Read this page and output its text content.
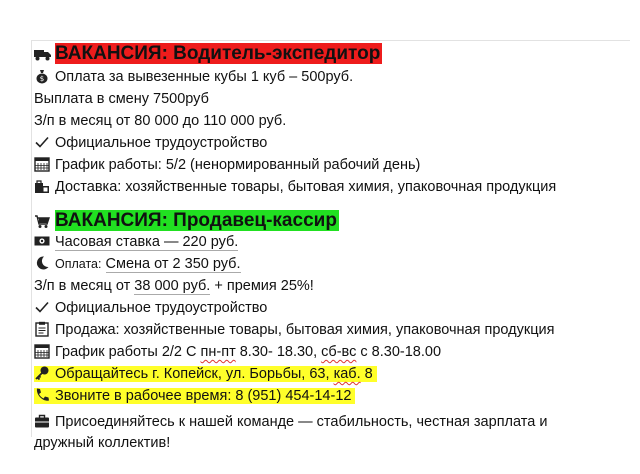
ВАКАНСИЯ: Водитель-экспедитор
$ Оплата за вывезенные кубы 1 куб – 500руб.
Выплата в смену 7500руб
З/п в месяц от 80 000 до 110 000 руб.
Официальное трудоустройство
График работы: 5/2 (ненормированный рабочий день)
Доставка: хозяйственные товары, бытовая химия, упаковочная продукция
ВАКАНСИЯ: Продавец-кассир
Часовая ставка — 220 руб.
Оплата: Смена от 2 350 руб.
З/п в месяц от 38 000 руб. + премия 25%!
Официальное трудоустройство
Продажа: хозяйственные товары, бытовая химия, упаковочная продукция
График работы 2/2 С пн-пт 8.30- 18.30, сб-вс с 8.30-18.00
Обращайтесь г. Копейск, ул. Борьбы, 63, каб. 8
Звоните в рабочее время: 8 (951) 454-14-12
Присоединяйтесь к нашей команде — стабильность, честная зарплата и
дружный коллектив!
